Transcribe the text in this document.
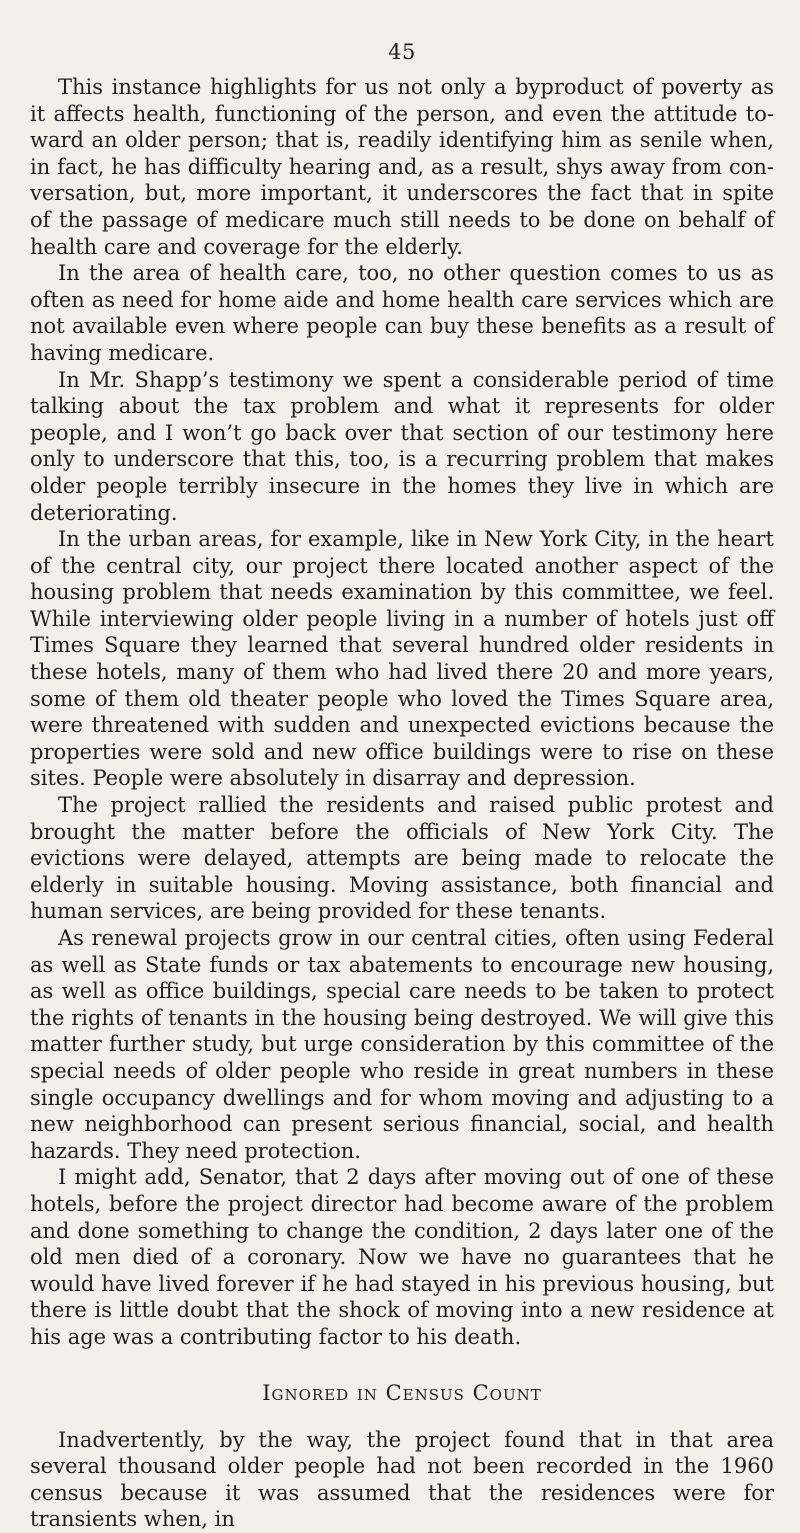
45

This instance highlights for us not only a byproduct of poverty as it affects health, functioning of the person, and even the attitude toward an older person; that is, readily identifying him as senile when, in fact, he has difficulty hearing and, as a result, shys away from conversation, but, more important, it underscores the fact that in spite of the passage of medicare much still needs to be done on behalf of health care and coverage for the elderly.

In the area of health care, too, no other question comes to us as often as need for home aide and home health care services which are not available even where people can buy these benefits as a result of having medicare.

In Mr. Shapp’s testimony we spent a considerable period of time talking about the tax problem and what it represents for older people, and I won’t go back over that section of our testimony here only to underscore that this, too, is a recurring problem that makes older people terribly insecure in the homes they live in which are deteriorating.

In the urban areas, for example, like in New York City, in the heart of the central city, our project there located another aspect of the housing problem that needs examination by this committee, we feel. While interviewing older people living in a number of hotels just off Times Square they learned that several hundred older residents in these hotels, many of them who had lived there 20 and more years, some of them old theater people who loved the Times Square area, were threatened with sudden and unexpected evictions because the properties were sold and new office buildings were to rise on these sites. People were absolutely in disarray and depression.

The project rallied the residents and raised public protest and brought the matter before the officials of New York City. The evictions were delayed, attempts are being made to relocate the elderly in suitable housing. Moving assistance, both financial and human services, are being provided for these tenants.

As renewal projects grow in our central cities, often using Federal as well as State funds or tax abatements to encourage new housing, as well as office buildings, special care needs to be taken to protect the rights of tenants in the housing being destroyed. We will give this matter further study, but urge consideration by this committee of the special needs of older people who reside in great numbers in these single occupancy dwellings and for whom moving and adjusting to a new neighborhood can present serious financial, social, and health hazards. They need protection.

I might add, Senator, that 2 days after moving out of one of these hotels, before the project director had become aware of the problem and done something to change the condition, 2 days later one of the old men died of a coronary. Now we have no guarantees that he would have lived forever if he had stayed in his previous housing, but there is little doubt that the shock of moving into a new residence at his age was a contributing factor to his death.

Ignored in Census Count

Inadvertently, by the way, the project found that in that area several thousand older people had not been recorded in the 1960 census because it was assumed that the residences were for transients when, in
